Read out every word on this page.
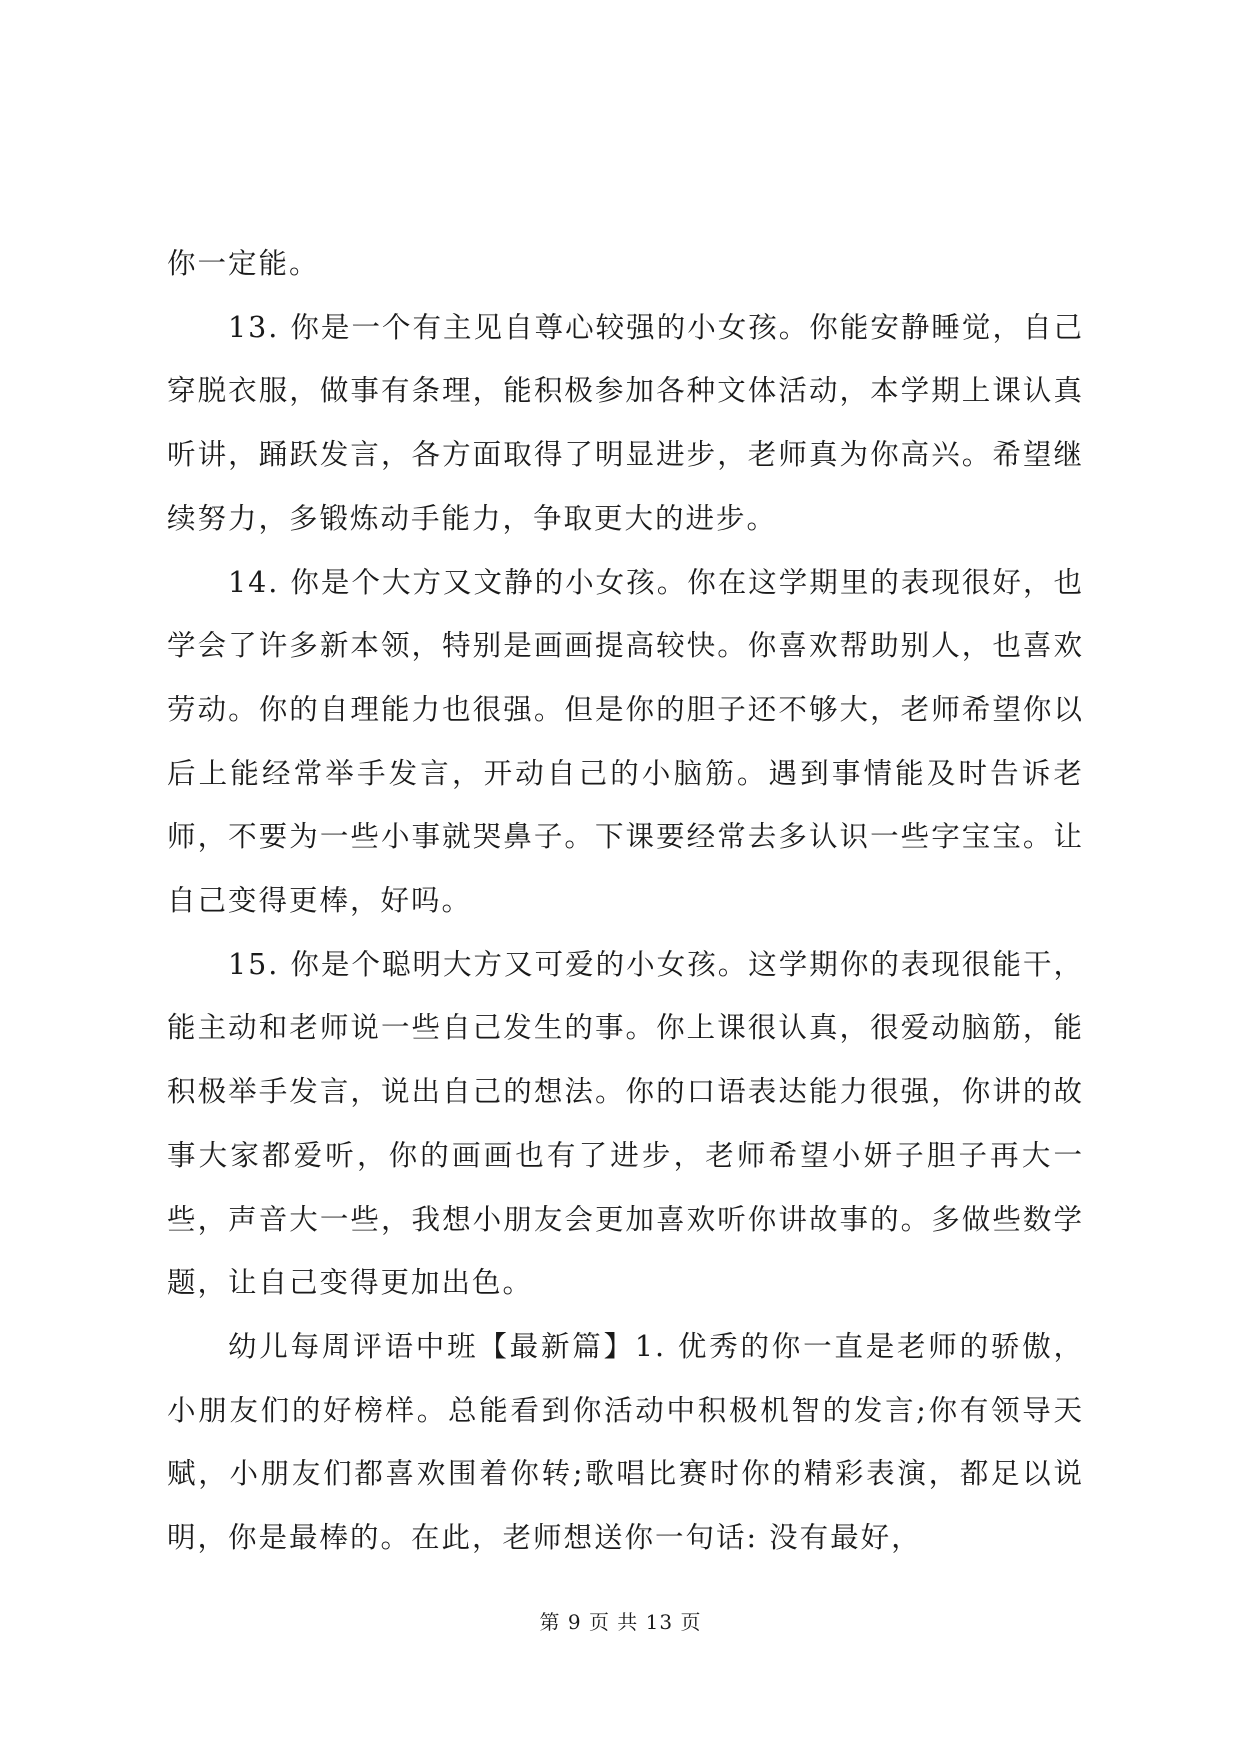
你一定能。

13. 你是一个有主见自尊心较强的小女孩。你能安静睡觉，自己穿脱衣服，做事有条理，能积极参加各种文体活动，本学期上课认真听讲，踊跃发言，各方面取得了明显进步，老师真为你高兴。希望继续努力，多锻炼动手能力，争取更大的进步。

14. 你是个大方又文静的小女孩。你在这学期里的表现很好，也学会了许多新本领，特别是画画提高较快。你喜欢帮助别人，也喜欢劳动。你的自理能力也很强。但是你的胆子还不够大，老师希望你以后上能经常举手发言，开动自己的小脑筋。遇到事情能及时告诉老师，不要为一些小事就哭鼻子。下课要经常去多认识一些字宝宝。让自己变得更棒，好吗。

15. 你是个聪明大方又可爱的小女孩。这学期你的表现很能干，能主动和老师说一些自己发生的事。你上课很认真，很爱动脑筋，能积极举手发言，说出自己的想法。你的口语表达能力很强，你讲的故事大家都爱听，你的画画也有了进步，老师希望小妍子胆子再大一些，声音大一些，我想小朋友会更加喜欢听你讲故事的。多做些数学题，让自己变得更加出色。

幼儿每周评语中班【最新篇】1. 优秀的你一直是老师的骄傲，小朋友们的好榜样。总能看到你活动中积极机智的发言;你有领导天赋，小朋友们都喜欢围着你转;歌唱比赛时你的精彩表演，都足以说明，你是最棒的。在此，老师想送你一句话: 没有最好，

第 9 页 共 13 页
